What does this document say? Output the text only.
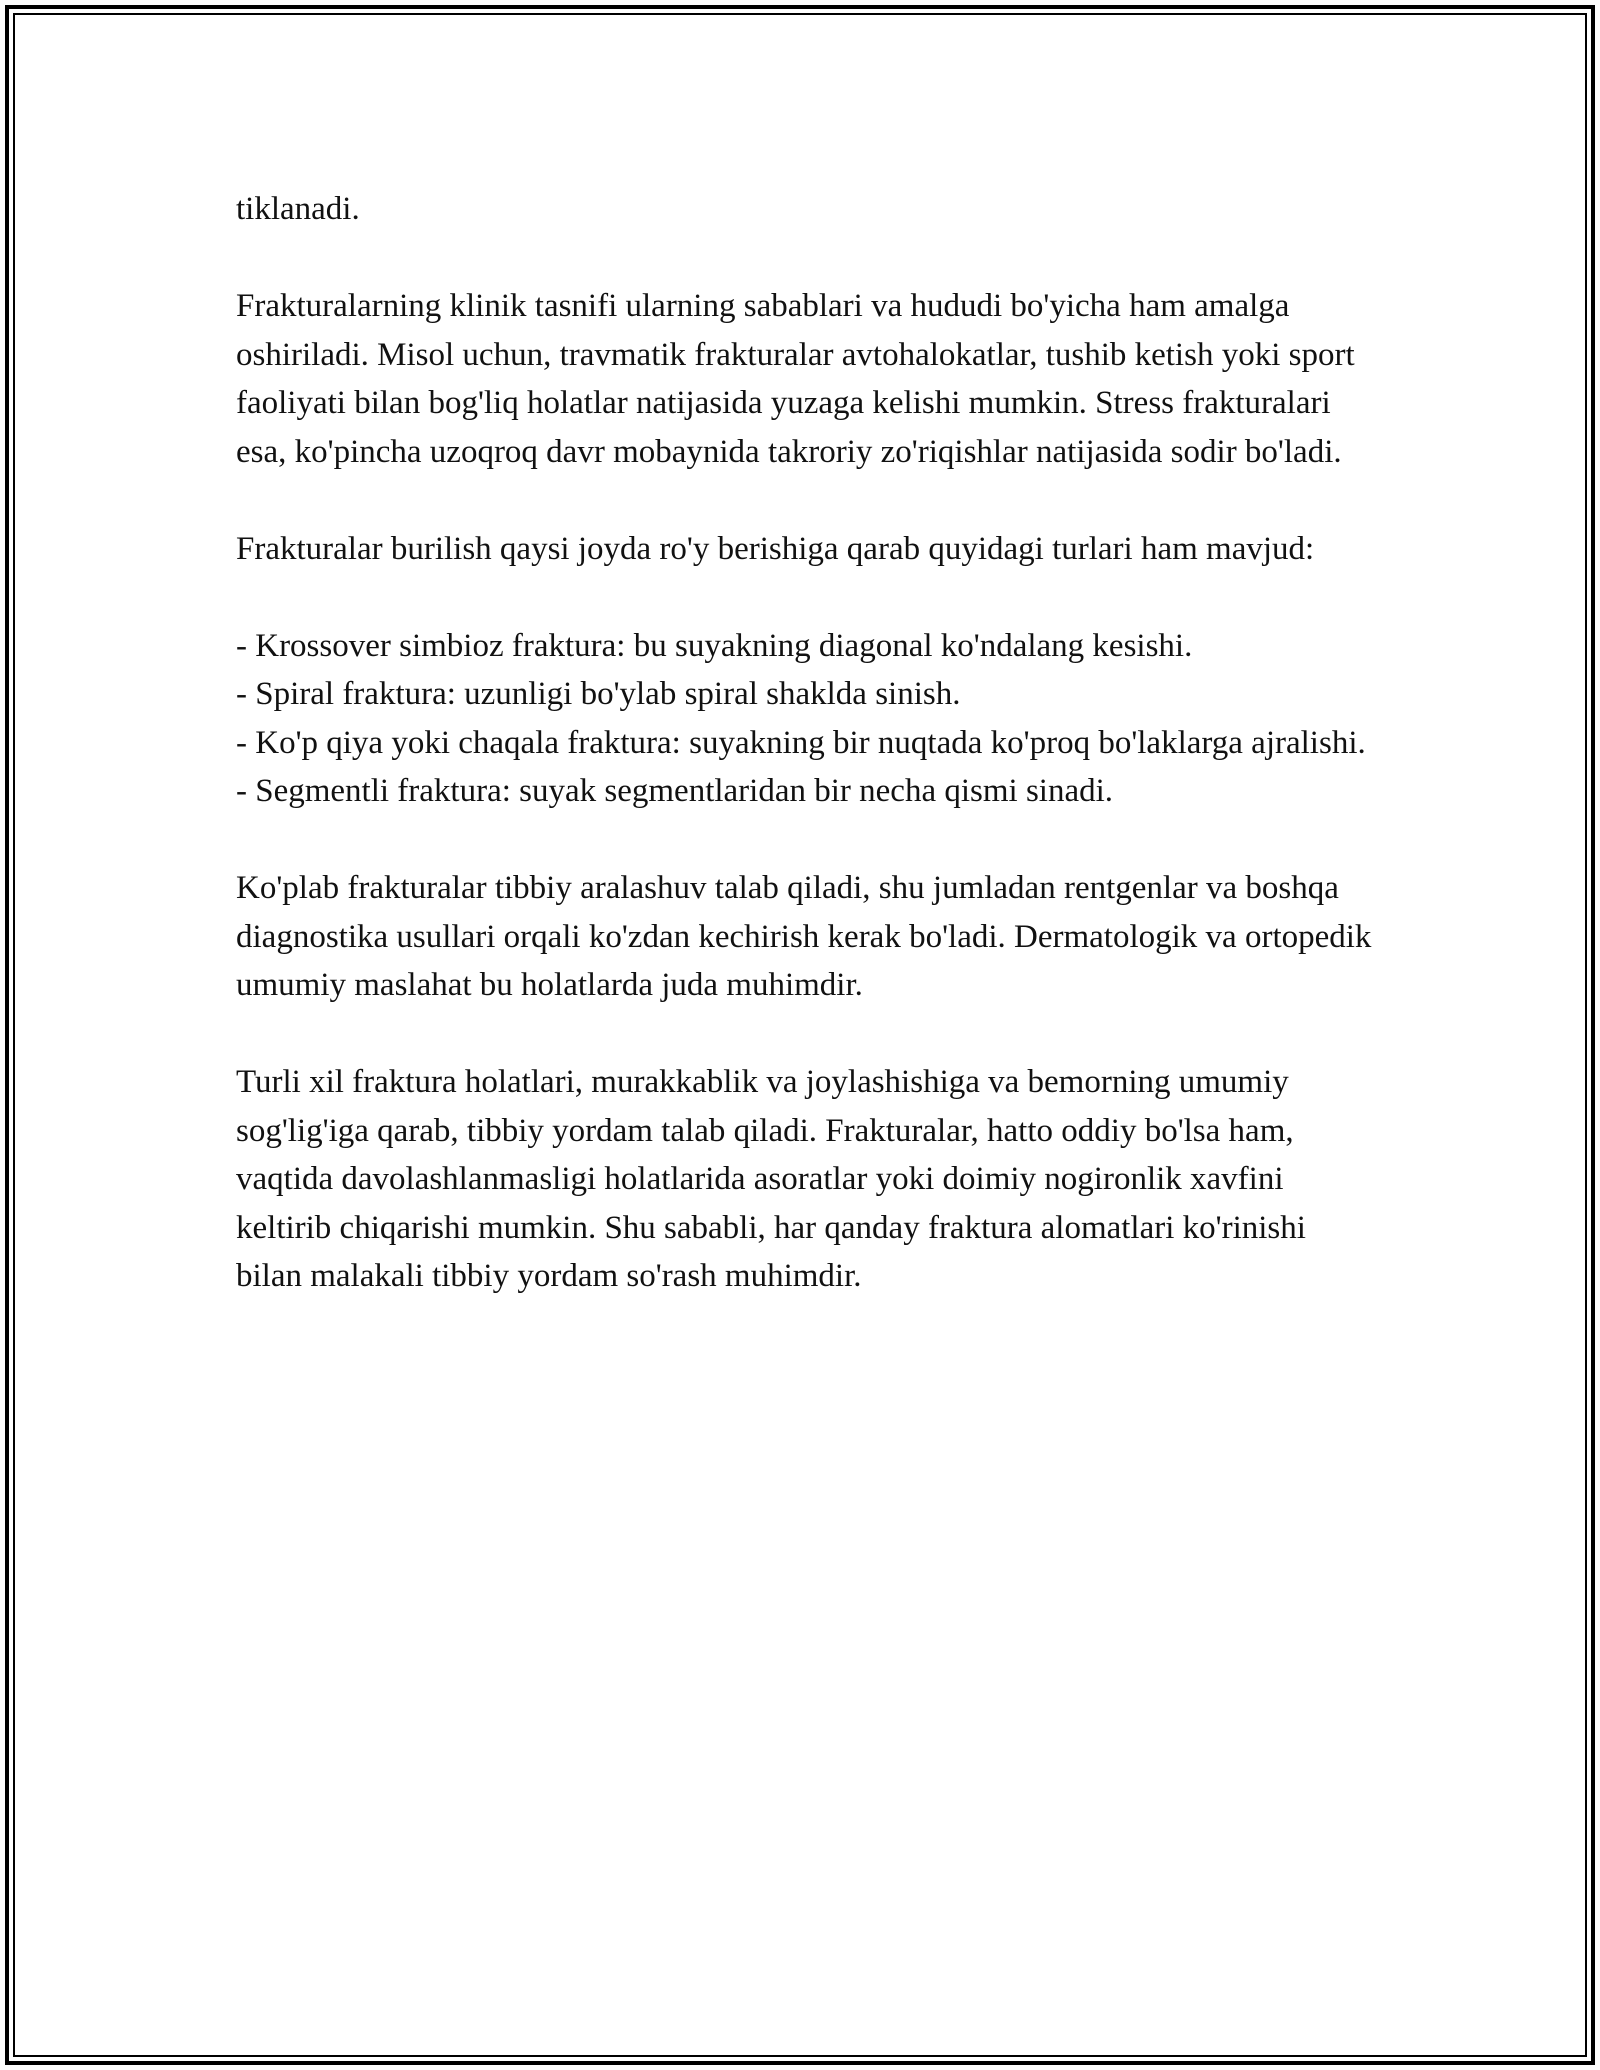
tiklanadi.

Frakturalarning klinik tasnifi ularning sabablari va hududi bo'yicha ham amalga oshiriladi. Misol uchun, travmatik frakturalar avtohalokatlar, tushib ketish yoki sport faoliyati bilan bog'liq holatlar natijasida yuzaga kelishi mumkin. Stress frakturalari esa, ko'pincha uzoqroq davr mobaynida takroriy zo'riqishlar natijasida sodir bo'ladi.

Frakturalar burilish qaysi joyda ro'y berishiga qarab quyidagi turlari ham mavjud:

- Krossover simbioz fraktura: bu suyakning diagonal ko'ndalang kesishi.
- Spiral fraktura: uzunligi bo'ylab spiral shaklda sinish.
- Ko'p qiya yoki chaqala fraktura: suyakning bir nuqtada ko'proq bo'laklarga ajralishi.
- Segmentli fraktura: suyak segmentlaridan bir necha qismi sinadi.

Ko'plab frakturalar tibbiy aralashuv talab qiladi, shu jumladan rentgenlar va boshqa diagnostika usullari orqali ko'zdan kechirish kerak bo'ladi. Dermatologik va ortopedik umumiy maslahat bu holatlarda juda muhimdir.

Turli xil fraktura holatlari, murakkablik va joylashishiga va bemorning umumiy sog'lig'iga qarab, tibbiy yordam talab qiladi. Frakturalar, hatto oddiy bo'lsa ham, vaqtida davolashlanmasligi holatlarida asoratlar yoki doimiy nogironlik xavfini keltirib chiqarishi mumkin. Shu sababli, har qanday fraktura alomatlari ko'rinishi bilan malakali tibbiy yordam so'rash muhimdir.
